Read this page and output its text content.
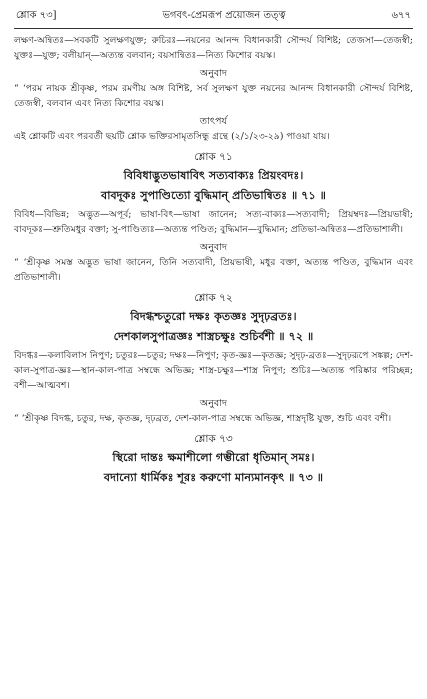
শ্লোক ৭৩]	ভগবৎ-প্রেমরূপ প্রয়োজন তত্ত্ব	৬৭৭

লক্ষণ-অন্বিতঃ—সবকটি সুলক্ষণযুক্ত; রুচিরঃ—নয়নের আনন্দ বিধানকারী সৌন্দর্য বিশিষ্ট; তেজসা—তেজস্বী; যুক্তঃ—যুক্ত; বলীয়ান্—অত্যন্ত বলবান; বয়সান্বিতঃ—নিত্য কিশোর বয়স্ক।

অনুবাদ

“ ‘পরম নায়ক শ্রীকৃষ্ণ, পরম রমণীয় অঙ্গ বিশিষ্ট, সর্ব সুলক্ষণ যুক্ত নয়নের আনন্দ বিধানকারী সৌন্দর্য বিশিষ্ট, তেজস্বী, বলবান এবং নিত্য কিশোর বয়স্ক।

তাৎপর্য

এই শ্লোকটি এবং পরবর্তী ছয়টি শ্লোক ভক্তিরসামৃতসিন্ধু গ্রন্থে (২/১/২৩-২৯) পাওয়া যায়।

শ্লোক ৭১

বিবিধাদ্ভুতভাষাবিৎ সত্যবাক্যঃ প্রিয়ংবদঃ।

বাবদূকঃ সুপাণ্ডিত্যো বুদ্ধিমান্ প্রতিভান্বিতঃ ॥ ৭১ ॥

বিবিধ—বিভিন্ন; অদ্ভুত—অপূর্ব; ভাষা-বিৎ—ভাষা জানেন; সত্য-বাক্যঃ—সত্যবাদী; প্রিয়ম্বদঃ—প্রিয়ভাষী; বাবদূকঃ—শ্রুতিমধুর বক্তা; সু-পাণ্ডিত্যঃ—অত্যন্ত পণ্ডিত; বুদ্ধিমান—বুদ্ধিমান; প্রতিভা-অন্বিতঃ—প্রতিভাশালী।

অনুবাদ

“ ‘শ্রীকৃষ্ণ সমস্ত অদ্ভুত ভাষা জানেন, তিনি সত্যবাদী, প্রিয়ভাষী, মধুর বক্তা, অত্যন্ত পণ্ডিত, বুদ্ধিমান এবং প্রতিভাশালী।

শ্লোক ৭২

বিদগ্ধশ্চতুরো দক্ষঃ কৃতজ্ঞঃ সুদৃঢ়ব্রতঃ।

দেশকালসুপাত্রজ্ঞঃ শাস্ত্রচক্ষুঃ শুচির্বশী ॥ ৭২ ॥

বিদগ্ধঃ—কলাবিলাস নিপুণ; চতুরঃ—চতুর; দক্ষঃ—নিপুণ; কৃত-জ্ঞঃ—কৃতজ্ঞ; সুদৃঢ়-ব্রতঃ—সুদৃঢ়রূপে সঙ্কল্প; দেশ-কাল-সুপাত্র-জ্ঞঃ—স্থান-কাল-পাত্র সম্বন্ধে অভিজ্ঞ; শাস্ত্র-চক্ষুঃ—শাস্ত্র নিপুণ; শুচিঃ—অত্যন্ত পরিষ্কার পরিচ্ছন্ন; বশী—আত্মবশ।

অনুবাদ

“ ‘শ্রীকৃষ্ণ বিদগ্ধ, চতুর, দক্ষ, কৃতজ্ঞ, দৃঢ়ব্রত, দেশ-কাল-পাত্র সম্বন্ধে অভিজ্ঞ, শাস্ত্রদৃষ্টি যুক্ত, শুচি এবং বশী।

শ্লোক ৭৩

স্থিরো দান্তঃ ক্ষমাশীলো গম্ভীরো ধৃতিমান্ সমঃ।

বদান্যো ধার্মিকঃ শূরঃ করুণো মান্যমানকৃৎ ॥ ৭৩ ॥
